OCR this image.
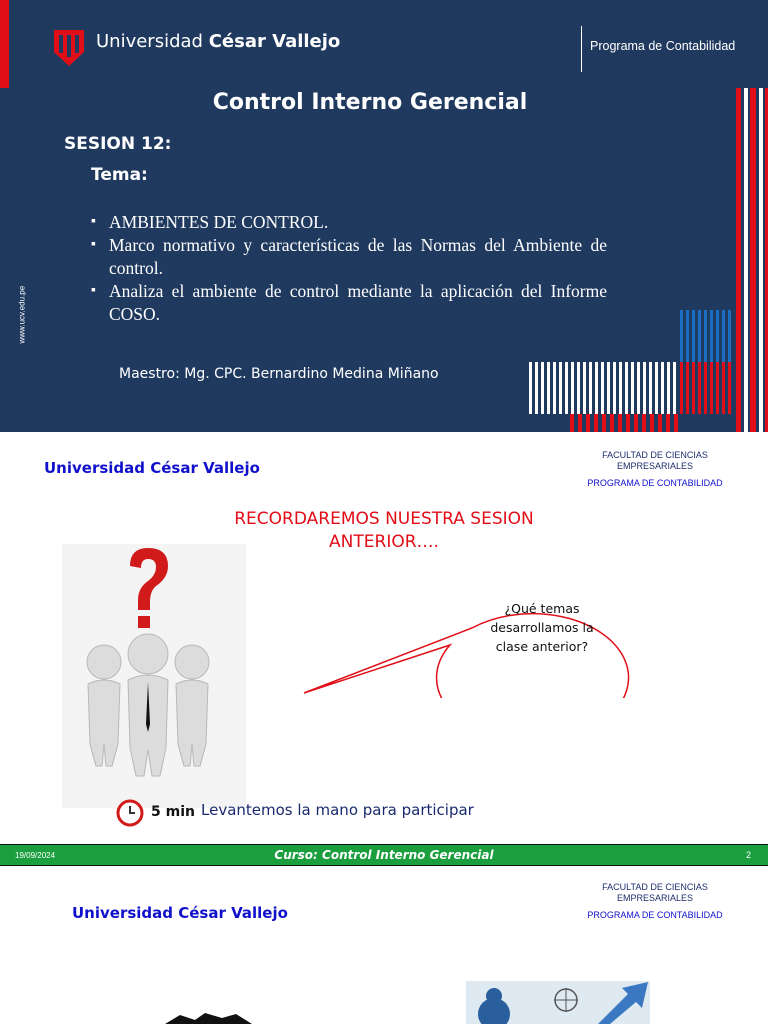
Universidad César Vallejo	Programa de Contabilidad
Control Interno Gerencial
SESION 12:
Tema:
▪ AMBIENTES DE CONTROL.
▪ Marco normativo y características de las Normas del Ambiente de control.
▪ Analiza el ambiente de control mediante la aplicación del Informe COSO.
Maestro: Mg. CPC. Bernardino Medina Miñano
www.ucv.edu.pe
Universidad César Vallejo
FACULTAD DE CIENCIAS
EMPRESARIALES
PROGRAMA DE CONTABILIDAD
RECORDAREMOS NUESTRA SESION
ANTERIOR….
¿Qué temas
desarrollamos la
clase anterior?
5 min Levantemos la mano para participar
19/09/2024	Curso: Control Interno Gerencial	2
Universidad César Vallejo
FACULTAD DE CIENCIAS
EMPRESARIALES
PROGRAMA DE CONTABILIDAD
